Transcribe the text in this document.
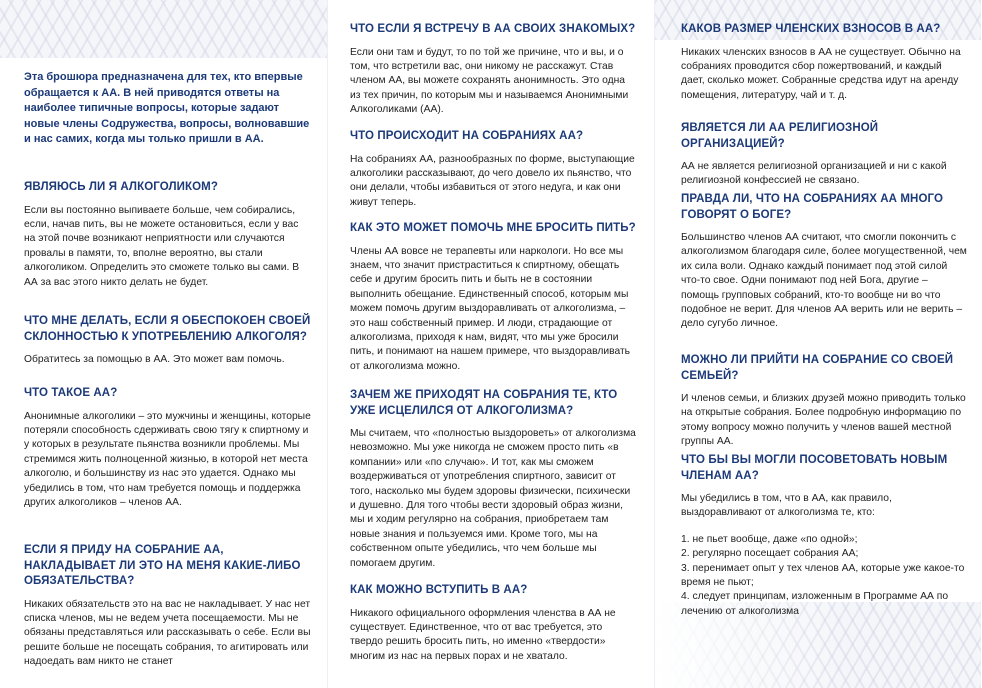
Эта брошюра предназначена для тех, кто впервые обращается к АА. В ней приводятся ответы на наиболее типичные вопросы, которые задают новые члены Содружества, вопросы, волновавшие и нас самих, когда мы только пришли в АА.
ЯВЛЯЮСЬ ЛИ Я АЛКОГОЛИКОМ?

Если вы постоянно выпиваете больше, чем собирались, если, начав пить, вы не можете остановиться, если у вас на этой почве возникают неприятности или случаются провалы в памяти, то, вполне вероятно, вы стали алкоголиком. Определить это сможете только вы сами. В АА за вас этого никто делать не будет.

ЧТО МНЕ ДЕЛАТЬ, ЕСЛИ Я ОБЕСПОКОЕН СВОЕЙ СКЛОННОСТЬЮ К УПОТРЕБЛЕНИЮ АЛКОГОЛЯ?

Обратитесь за помощью в АА. Это может вам помочь.

ЧТО ТАКОЕ АА?

Анонимные алкоголики – это мужчины и женщины, которые потеряли способность сдерживать свою тягу к спиртному и у которых в результате пьянства возникли проблемы. Мы стремимся жить полноценной жизнью, в которой нет места алкоголю, и большинству из нас это удается. Однако мы убедились в том, что нам требуется помощь и поддержка других алкоголиков – членов АА.

ЕСЛИ Я ПРИДУ НА СОБРАНИЕ АА, НАКЛАДЫВАЕТ ЛИ ЭТО НА МЕНЯ КАКИЕ-ЛИБО ОБЯЗАТЕЛЬСТВА?

Никаких обязательств это на вас не накладывает. У нас нет списка членов, мы не ведем учета посещаемости. Мы не обязаны представляться или рассказывать о себе. Если вы решите больше не посещать собрания, то агитировать или надоедать вам никто не станет

ЧТО ЕСЛИ Я ВСТРЕЧУ В АА СВОИХ ЗНАКОМЫХ?

Если они там и будут, то по той же причине, что и вы, и о том, что встретили вас, они никому не расскажут. Став членом АА, вы можете сохранять анонимность. Это одна из тех причин, по которым мы и называемся Анонимными Алкоголиками (АА).

ЧТО ПРОИСХОДИТ НА СОБРАНИЯХ АА?

На собраниях АА, разнообразных по форме, выступающие алкоголики рассказывают, до чего довело их пьянство, что они делали, чтобы избавиться от этого недуга, и как они живут теперь.

КАК ЭТО МОЖЕТ ПОМОЧЬ МНЕ БРОСИТЬ ПИТЬ?

Члены АА вовсе не терапевты или наркологи. Но все мы знаем, что значит пристраститься к спиртному, обещать себе и другим бросить пить и быть не в состоянии выполнить обещание. Единственный способ, которым мы можем помочь другим выздоравливать от алкоголизма, – это наш собственный пример. И люди, страдающие от алкоголизма, приходя к нам, видят, что мы уже бросили пить, и понимают на нашем примере, что выздоравливать от алкоголизма можно.

ЗАЧЕМ ЖЕ ПРИХОДЯТ НА СОБРАНИЯ ТЕ, КТО УЖЕ ИСЦЕЛИЛСЯ ОТ АЛКОГОЛИЗМА?

Мы считаем, что «полностью выздороветь» от алкоголизма невозможно. Мы уже никогда не сможем просто пить «в компании» или «по случаю». И тот, как мы сможем воздерживаться от употребления спиртного, зависит от того, насколько мы будем здоровы физически, психически и душевно. Для того чтобы вести здоровый образ жизни, мы и ходим регулярно на собрания, приобретаем там новые знания и пользуемся ими. Кроме того, мы на собственном опыте убедились, что чем больше мы помогаем другим.

КАК МОЖНО ВСТУПИТЬ В АА?

Никакого официального оформления членства в АА не существует. Единственное, что от вас требуется, это твердо решить бросить пить, но именно «твердости» многим из нас на первых порах и не хватало.

КАКОВ РАЗМЕР ЧЛЕНСКИХ ВЗНОСОВ В АА?

Никаких членских взносов в АА не существует. Обычно на собраниях проводится сбор пожертвований, и каждый дает, сколько может. Собранные средства идут на аренду помещения, литературу, чай и т. д.

ЯВЛЯЕТСЯ ЛИ АА РЕЛИГИОЗНОЙ ОРГАНИЗАЦИЕЙ?

АА не является религиозной организацией и ни с какой религиозной конфессией не связано.

ПРАВДА ЛИ, ЧТО НА СОБРАНИЯХ АА МНОГО ГОВОРЯТ О БОГЕ?

Большинство членов АА считают, что смогли покончить с алкоголизмом благодаря силе, более могущественной, чем их сила воли. Однако каждый понимает под этой силой что-то свое. Одни понимают под ней Бога, другие – помощь групповых собраний, кто-то вообще ни во что подобное не верит. Для членов АА верить или не верить – дело сугубо личное.

МОЖНО ЛИ ПРИЙТИ НА СОБРАНИЕ СО СВОЕЙ СЕМЬЕЙ?

И членов семьи, и близких друзей можно приводить только на открытые собрания. Более подробную информацию по этому вопросу можно получить у членов вашей местной группы АА.

ЧТО БЫ ВЫ МОГЛИ ПОСОВЕТОВАТЬ НОВЫМ ЧЛЕНАМ АА?

Мы убедились в том, что в АА, как правило, выздоравливают от алкоголизма те, кто:

1. не пьет вообще, даже «по одной»;
2. регулярно посещает собрания АА;
3. перенимает опыт у тех членов АА, которые уже какое-то время не пьют;
4. следует принципам, изложенным в Программе АА по лечению от алкоголизма
